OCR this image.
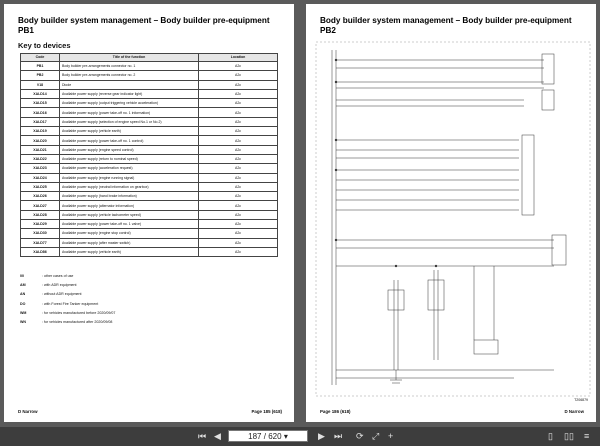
Body builder system management – Body builder pre-equipment PB1
Key to devices
Code	Title of the function	Location
PB1	Body builder pre-arrangements connector no. 1	A2c
PB2	Body builder pre-arrangements connector no. 2	A2c
V18	Diode	A2c
XALD14	Available power supply (reverse gear indicator light)	A2c
XALD15	Available power supply (output triggering vehicle acceleration)	A2c
XALD16	Available power supply (power take-off no. 1 information)	A2c
XALD17	Available power supply (selection of engine speed No.1 or No.2)	A2c
XALD19	Available power supply (vehicle earth)	A2c
XALD20	Available power supply (power take-off no. 1 control)	A2c
XALD21	Available power supply (engine speed control)	A2c
XALD22	Available power supply (return to nominal speed)	A2c
XALD23	Available power supply (acceleration request)	A2c
XALD24	Available power supply (engine running signal)	A2c
XALD25	Available power supply (neutral information on gearbox)	A2c
XALD26	Available power supply (hand brake information)	A2c
XALD27	Available power supply (alternator information)	A2c
XALD28	Available power supply (vehicle tachometer speed)	A2c
XALD29	Available power supply (power take-off no. 1 valve)	A2c
XALD30	Available power supply (engine stop control)	A2c
XALD77	Available power supply (after master switch)	A2c
XALD86	Available power supply (vehicle earth)	A2c
00	: other cases of use
AM	: with ADR equipment
AN	: without ADR equipment
DO	: with Forest Fire Tanker equipment
WM	: for vehicles manufactured before 2020/09/07
WN	: for vehicles manufactured after 2020/09/08
D Narrow	Page 185 (618)
Body builder system management – Body builder pre-equipment PB2
T206879
Page 186 (618)	D Narrow
⏮ ◀	187 / 620 ▾	▶ ⏭ ⟳ ⤢ +	▯ ▯▯ ≡
